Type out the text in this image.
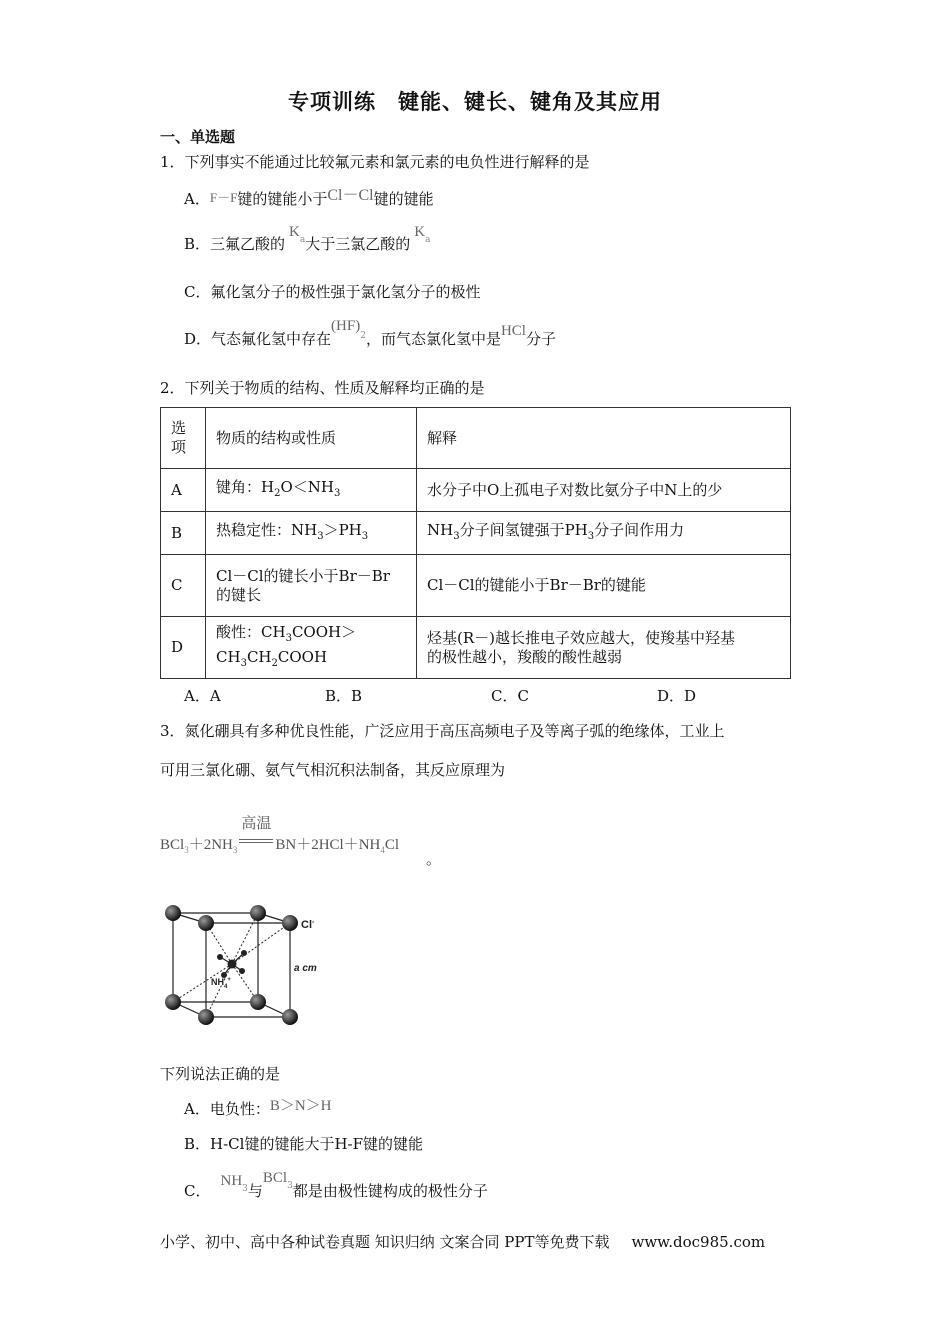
专项训练　键能、键长、键角及其应用
一、单选题
1．下列事实不能通过比较氟元素和氯元素的电负性进行解释的是
A．F－F键的键能小于Cl－Cl键的键能
B．三氟乙酸的$K_a$大于三氯乙酸的$K_a$
C．氟化氢分子的极性强于氯化氢分子的极性
D．气态氟化氢中存在$(HF)_2$，而气态氯化氢中是HCl分子
2．下列关于物质的结构、性质及解释均正确的是
选项	物质的结构或性质	解释
A	键角：$H_2O<NH_3$	水分子中O上孤电子对数比氨分子中N上的少
B	热稳定性：$NH_3>PH_3$	$NH_3$分子间氢键强于$PH_3$分子间作用力
C	Cl－Cl的键长小于Br－Br
的键长	Cl－Cl的键能小于Br－Br的键能
D	酸性：$CH_3COOH>$
$CH_3CH_2COOH$	烃基(R－)越长推电子效应越大，使羧基中羟基
的极性越小，羧酸的酸性越弱
A．A	B．B	C．C	D．D
3．氮化硼具有多种优良性能，广泛应用于高压高频电子及等离子弧的绝缘体，工业上
可用三氯化硼、氨气气相沉积法制备，其反应原理为
$BCl_3+2NH_3$
高温
$BN+2HCl+NH_4Cl$
。
Cl-
a cm
$NH_4^+$
下列说法正确的是
A．电负性：B＞N＞H
B．H-Cl键的键能大于H-F键的键能
C．$NH_3$与BCl$_3$都是由极性键构成的极性分子
小学、初中、高中各种试卷真题 知识归纳 文案合同 PPT等免费下载 www.doc985.com
